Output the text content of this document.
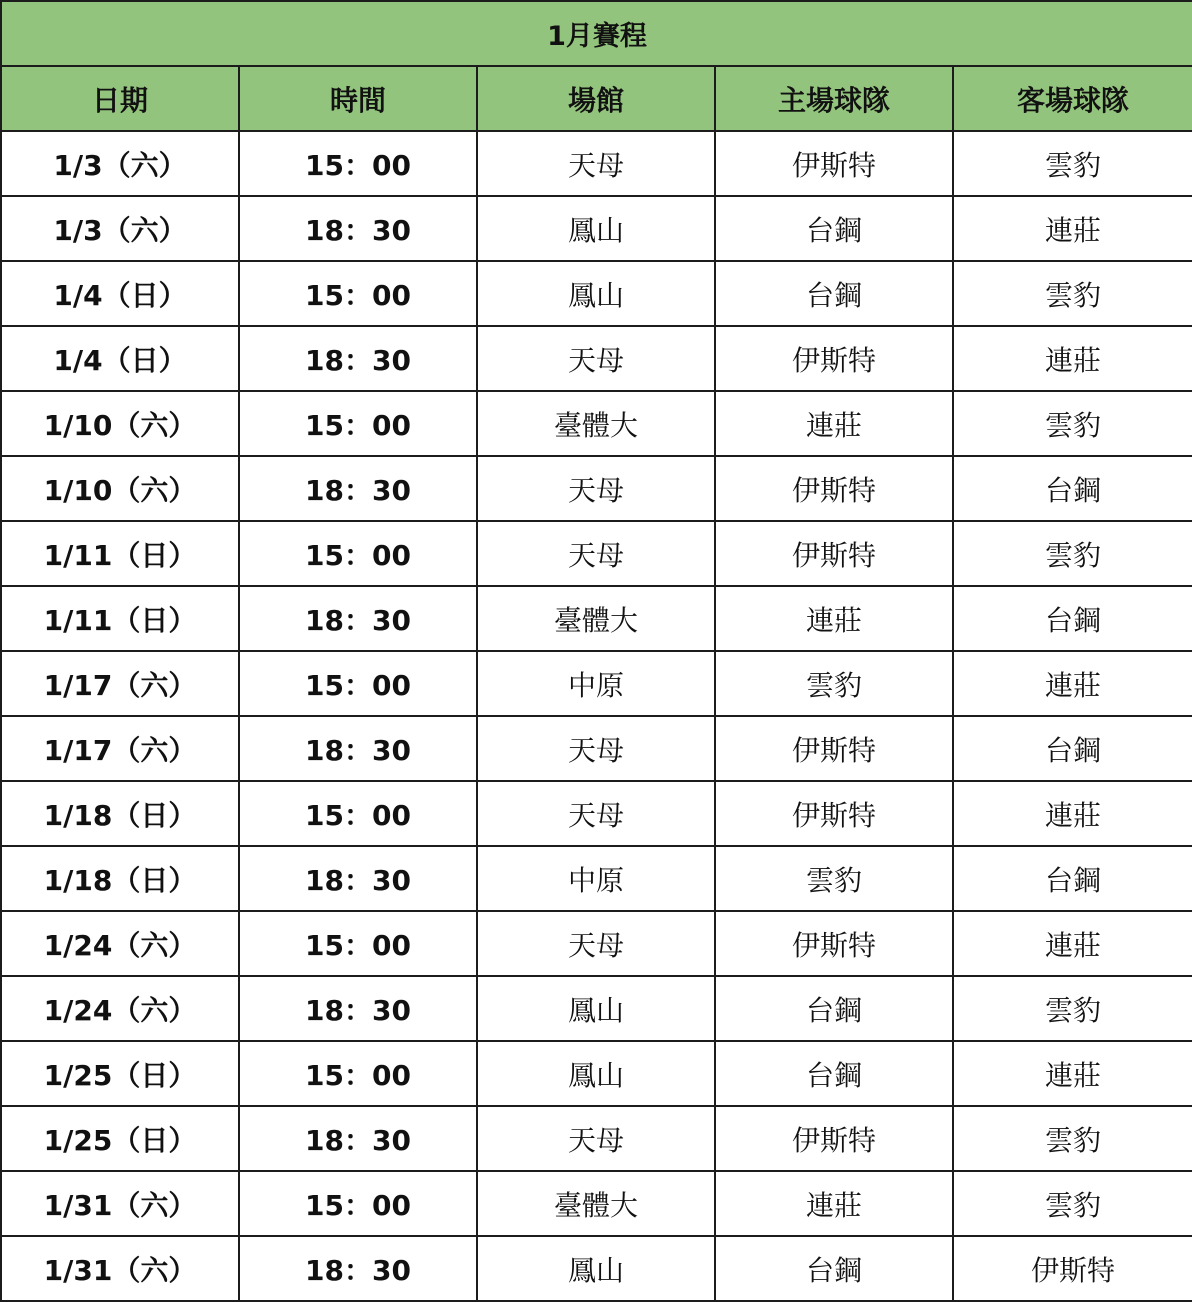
1月賽程				
日期	時間	場館	主場球隊	客場球隊
1/3（六）	15：00	天母	伊斯特	雲豹
1/3（六）	18：30	鳳山	台鋼	連莊
1/4（日）	15：00	鳳山	台鋼	雲豹
1/4（日）	18：30	天母	伊斯特	連莊
1/10（六）	15：00	臺體大	連莊	雲豹
1/10（六）	18：30	天母	伊斯特	台鋼
1/11（日）	15：00	天母	伊斯特	雲豹
1/11（日）	18：30	臺體大	連莊	台鋼
1/17（六）	15：00	中原	雲豹	連莊
1/17（六）	18：30	天母	伊斯特	台鋼
1/18（日）	15：00	天母	伊斯特	連莊
1/18（日）	18：30	中原	雲豹	台鋼
1/24（六）	15：00	天母	伊斯特	連莊
1/24（六）	18：30	鳳山	台鋼	雲豹
1/25（日）	15：00	鳳山	台鋼	連莊
1/25（日）	18：30	天母	伊斯特	雲豹
1/31（六）	15：00	臺體大	連莊	雲豹
1/31（六）	18：30	鳳山	台鋼	伊斯特
